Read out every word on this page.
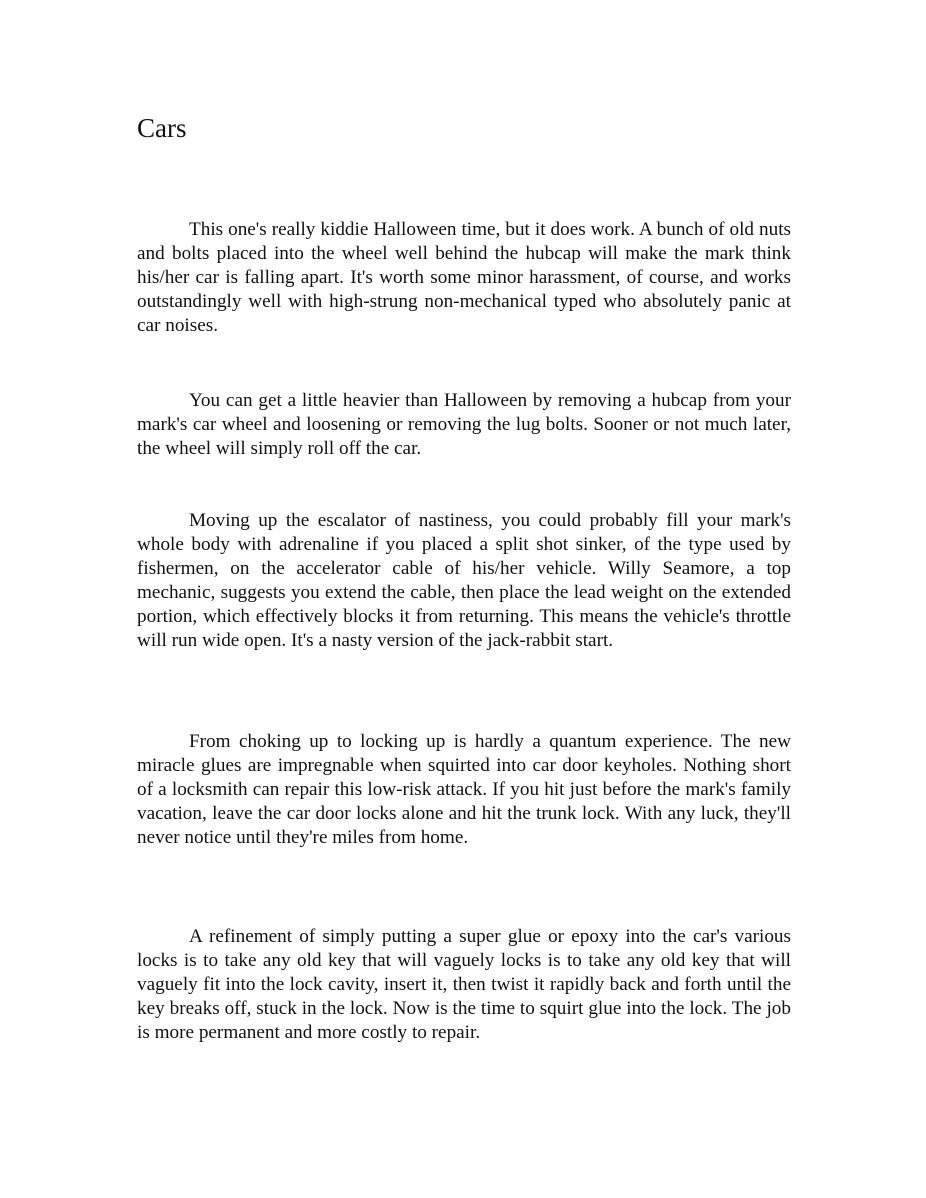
Cars

This one's really kiddie Halloween time, but it does work. A bunch of old nuts and bolts placed into the wheel well behind the hubcap will make the mark think his/her car is falling apart. It's worth some minor harassment, of course, and works outstandingly well with high-strung non-mechanical typed who absolutely panic at car noises.

You can get a little heavier than Halloween by removing a hubcap from your mark's car wheel and loosening or removing the lug bolts. Sooner or not much later, the wheel will simply roll off the car.

Moving up the escalator of nastiness, you could probably fill your mark's whole body with adrenaline if you placed a split shot sinker, of the type used by fishermen, on the accelerator cable of his/her vehicle. Willy Seamore, a top mechanic, suggests you extend the cable, then place the lead weight on the extended portion, which effectively blocks it from returning. This means the vehicle's throttle will run wide open. It's a nasty version of the jack-rabbit start.

From choking up to locking up is hardly a quantum experience. The new miracle glues are impregnable when squirted into car door keyholes. Nothing short of a locksmith can repair this low-risk attack. If you hit just before the mark's family vacation, leave the car door locks alone and hit the trunk lock. With any luck, they'll never notice until they're miles from home.

A refinement of simply putting a super glue or epoxy into the car's various locks is to take any old key that will vaguely locks is to take any old key that will vaguely fit into the lock cavity, insert it, then twist it rapidly back and forth until the key breaks off, stuck in the lock. Now is the time to squirt glue into the lock. The job is more permanent and more costly to repair.
